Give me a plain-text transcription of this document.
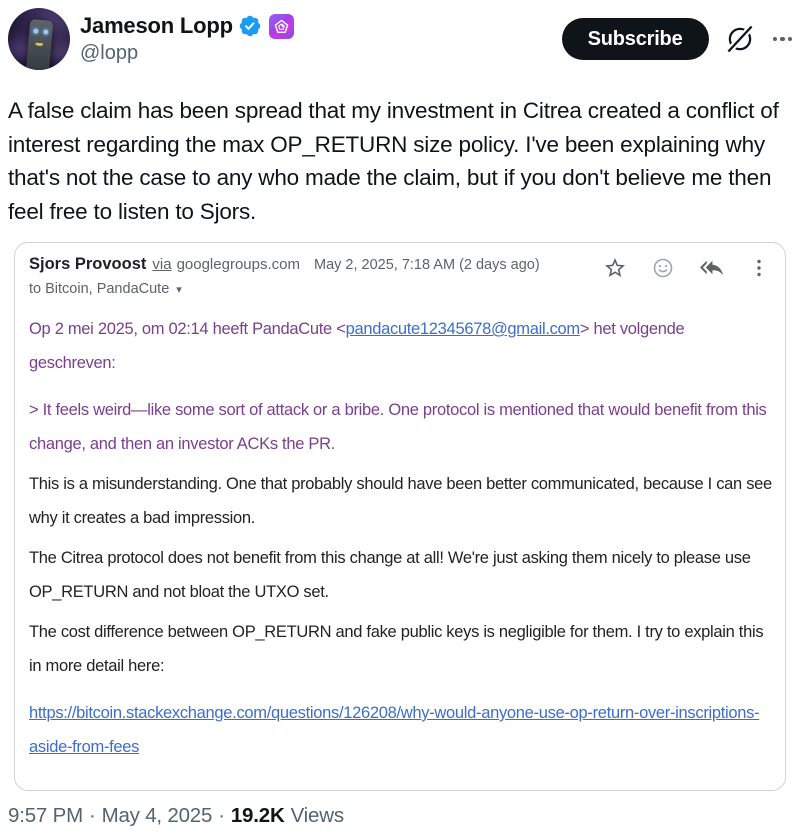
Jameson Lopp
@lopp
Subscribe

A false claim has been spread that my investment in Citrea created a conflict of interest regarding the max OP_RETURN size policy. I've been explaining why that's not the case to any who made the claim, but if you don't believe me then feel free to listen to Sjors.

Sjors Provoost via googlegroups.com May 2, 2025, 7:18 AM (2 days ago)
to Bitcoin, PandaCute ▾

Op 2 mei 2025, om 02:14 heeft PandaCute <pandacute12345678@gmail.com> het volgende geschreven:

> It feels weird—like some sort of attack or a bribe. One protocol is mentioned that would benefit from this change, and then an investor ACKs the PR.

This is a misunderstanding. One that probably should have been better communicated, because I can see why it creates a bad impression.

The Citrea protocol does not benefit from this change at all! We're just asking them nicely to please use OP_RETURN and not bloat the UTXO set.

The cost difference between OP_RETURN and fake public keys is negligible for them. I try to explain this in more detail here:

https://bitcoin.stackexchange.com/questions/126208/why-would-anyone-use-op-return-over-inscriptions-aside-from-fees

9:57 PM · May 4, 2025 · 19.2K Views
